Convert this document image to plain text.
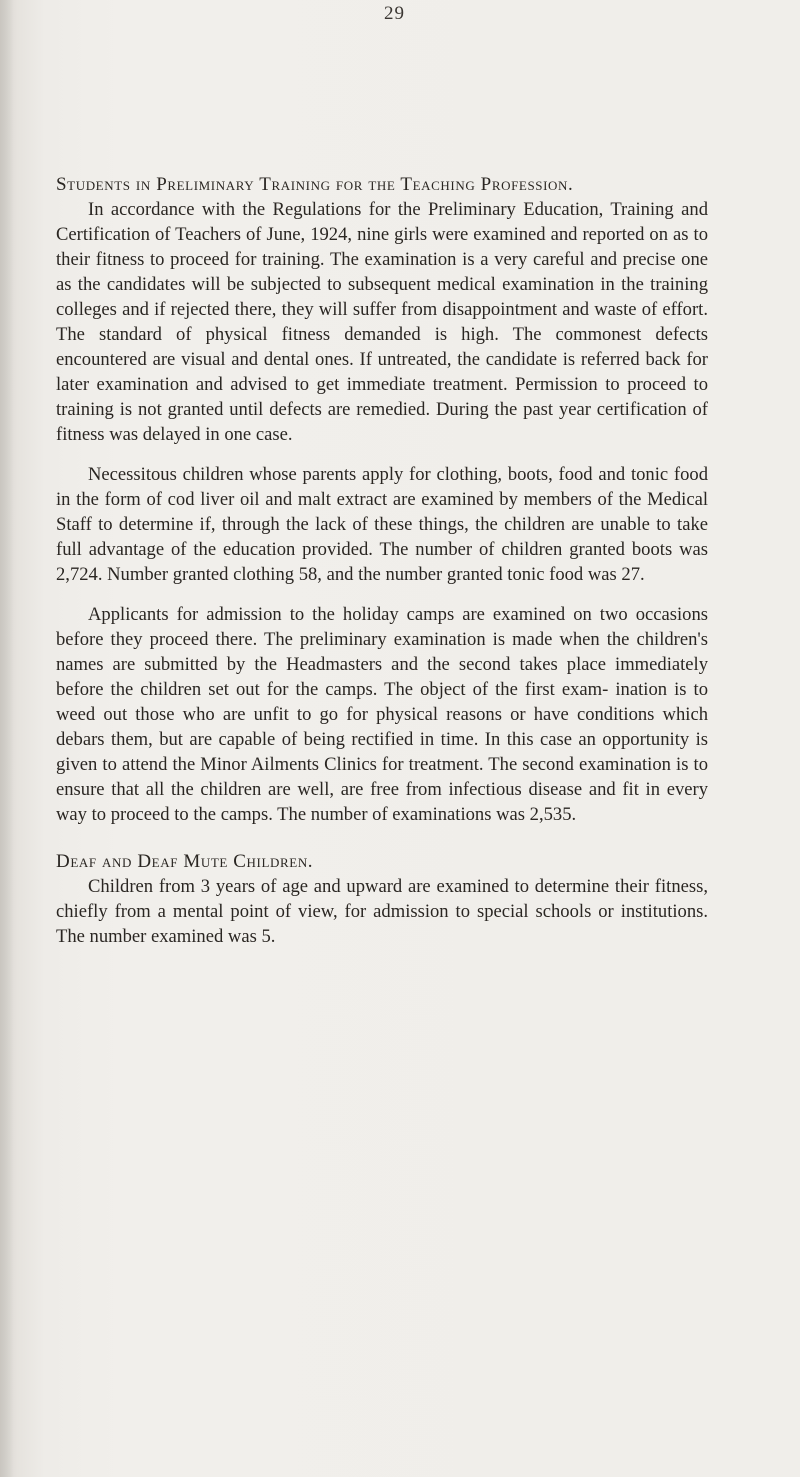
29
Students in Preliminary Training for the Teaching Profession.

In accordance with the Regulations for the Preliminary Education, Training and Certification of Teachers of June, 1924, nine girls were examined and reported on as to their fitness to proceed for training. The examination is a very careful and precise one as the candidates will be subjected to subsequent medical examination in the training colleges and if rejected there, they will suffer from disappointment and waste of effort. The standard of physical fitness demanded is high. The commonest defects encountered are visual and dental ones. If untreated, the candidate is referred back for later examination and advised to get immediate treatment. Permission to proceed to training is not granted until defects are remedied. During the past year certification of fitness was delayed in one case.

Necessitous children whose parents apply for clothing, boots, food and tonic food in the form of cod liver oil and malt extract are examined by members of the Medical Staff to determine if, through the lack of these things, the children are unable to take full advantage of the education provided. The number of children granted boots was 2,724. Number granted clothing 58, and the number granted tonic food was 27.

Applicants for admission to the holiday camps are examined on two occasions before they proceed there. The preliminary examination is made when the children's names are submitted by the Headmasters and the second takes place immediately before the children set out for the camps. The object of the first exam- ination is to weed out those who are unfit to go for physical reasons or have conditions which debars them, but are capable of being rectified in time. In this case an opportunity is given to attend the Minor Ailments Clinics for treatment. The second examination is to ensure that all the children are well, are free from infectious disease and fit in every way to proceed to the camps. The number of examinations was 2,535.

Deaf and Deaf Mute Children.

Children from 3 years of age and upward are examined to determine their fitness, chiefly from a mental point of view, for admission to special schools or institutions. The number examined was 5.
